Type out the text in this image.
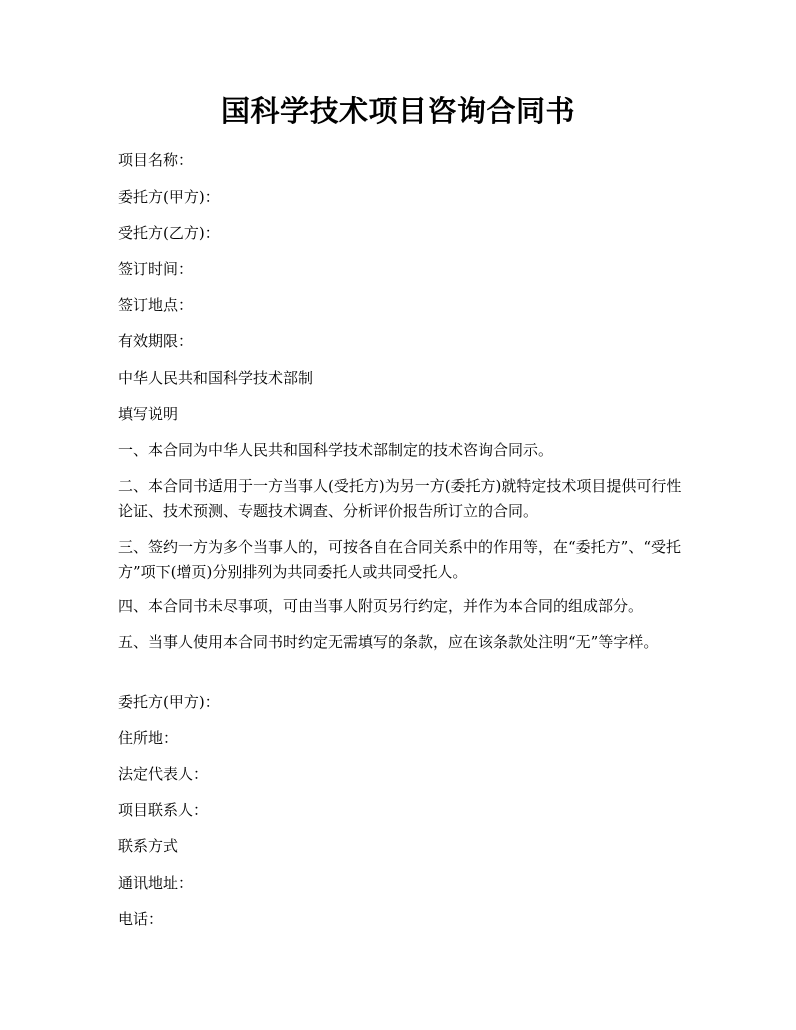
国科学技术项目咨询合同书

项目名称：

委托方(甲方)：

受托方(乙方)：

签订时间：

签订地点：

有效期限：

中华人民共和国科学技术部制

填写说明

一、本合同为中华人民共和国科学技术部制定的技术咨询合同示。

二、本合同书适用于一方当事人(受托方)为另一方(委托方)就特定技术项目提供可行性论证、技术预测、专题技术调查、分析评价报告所订立的合同。

三、签约一方为多个当事人的，可按各自在合同关系中的作用等，在“委托方”、“受托方”项下(增页)分别排列为共同委托人或共同受托人。

四、本合同书未尽事项，可由当事人附页另行约定，并作为本合同的组成部分。

五、当事人使用本合同书时约定无需填写的条款，应在该条款处注明“无”等字样。

委托方(甲方)：

住所地：

法定代表人：

项目联系人：

联系方式

通讯地址：

电话：
